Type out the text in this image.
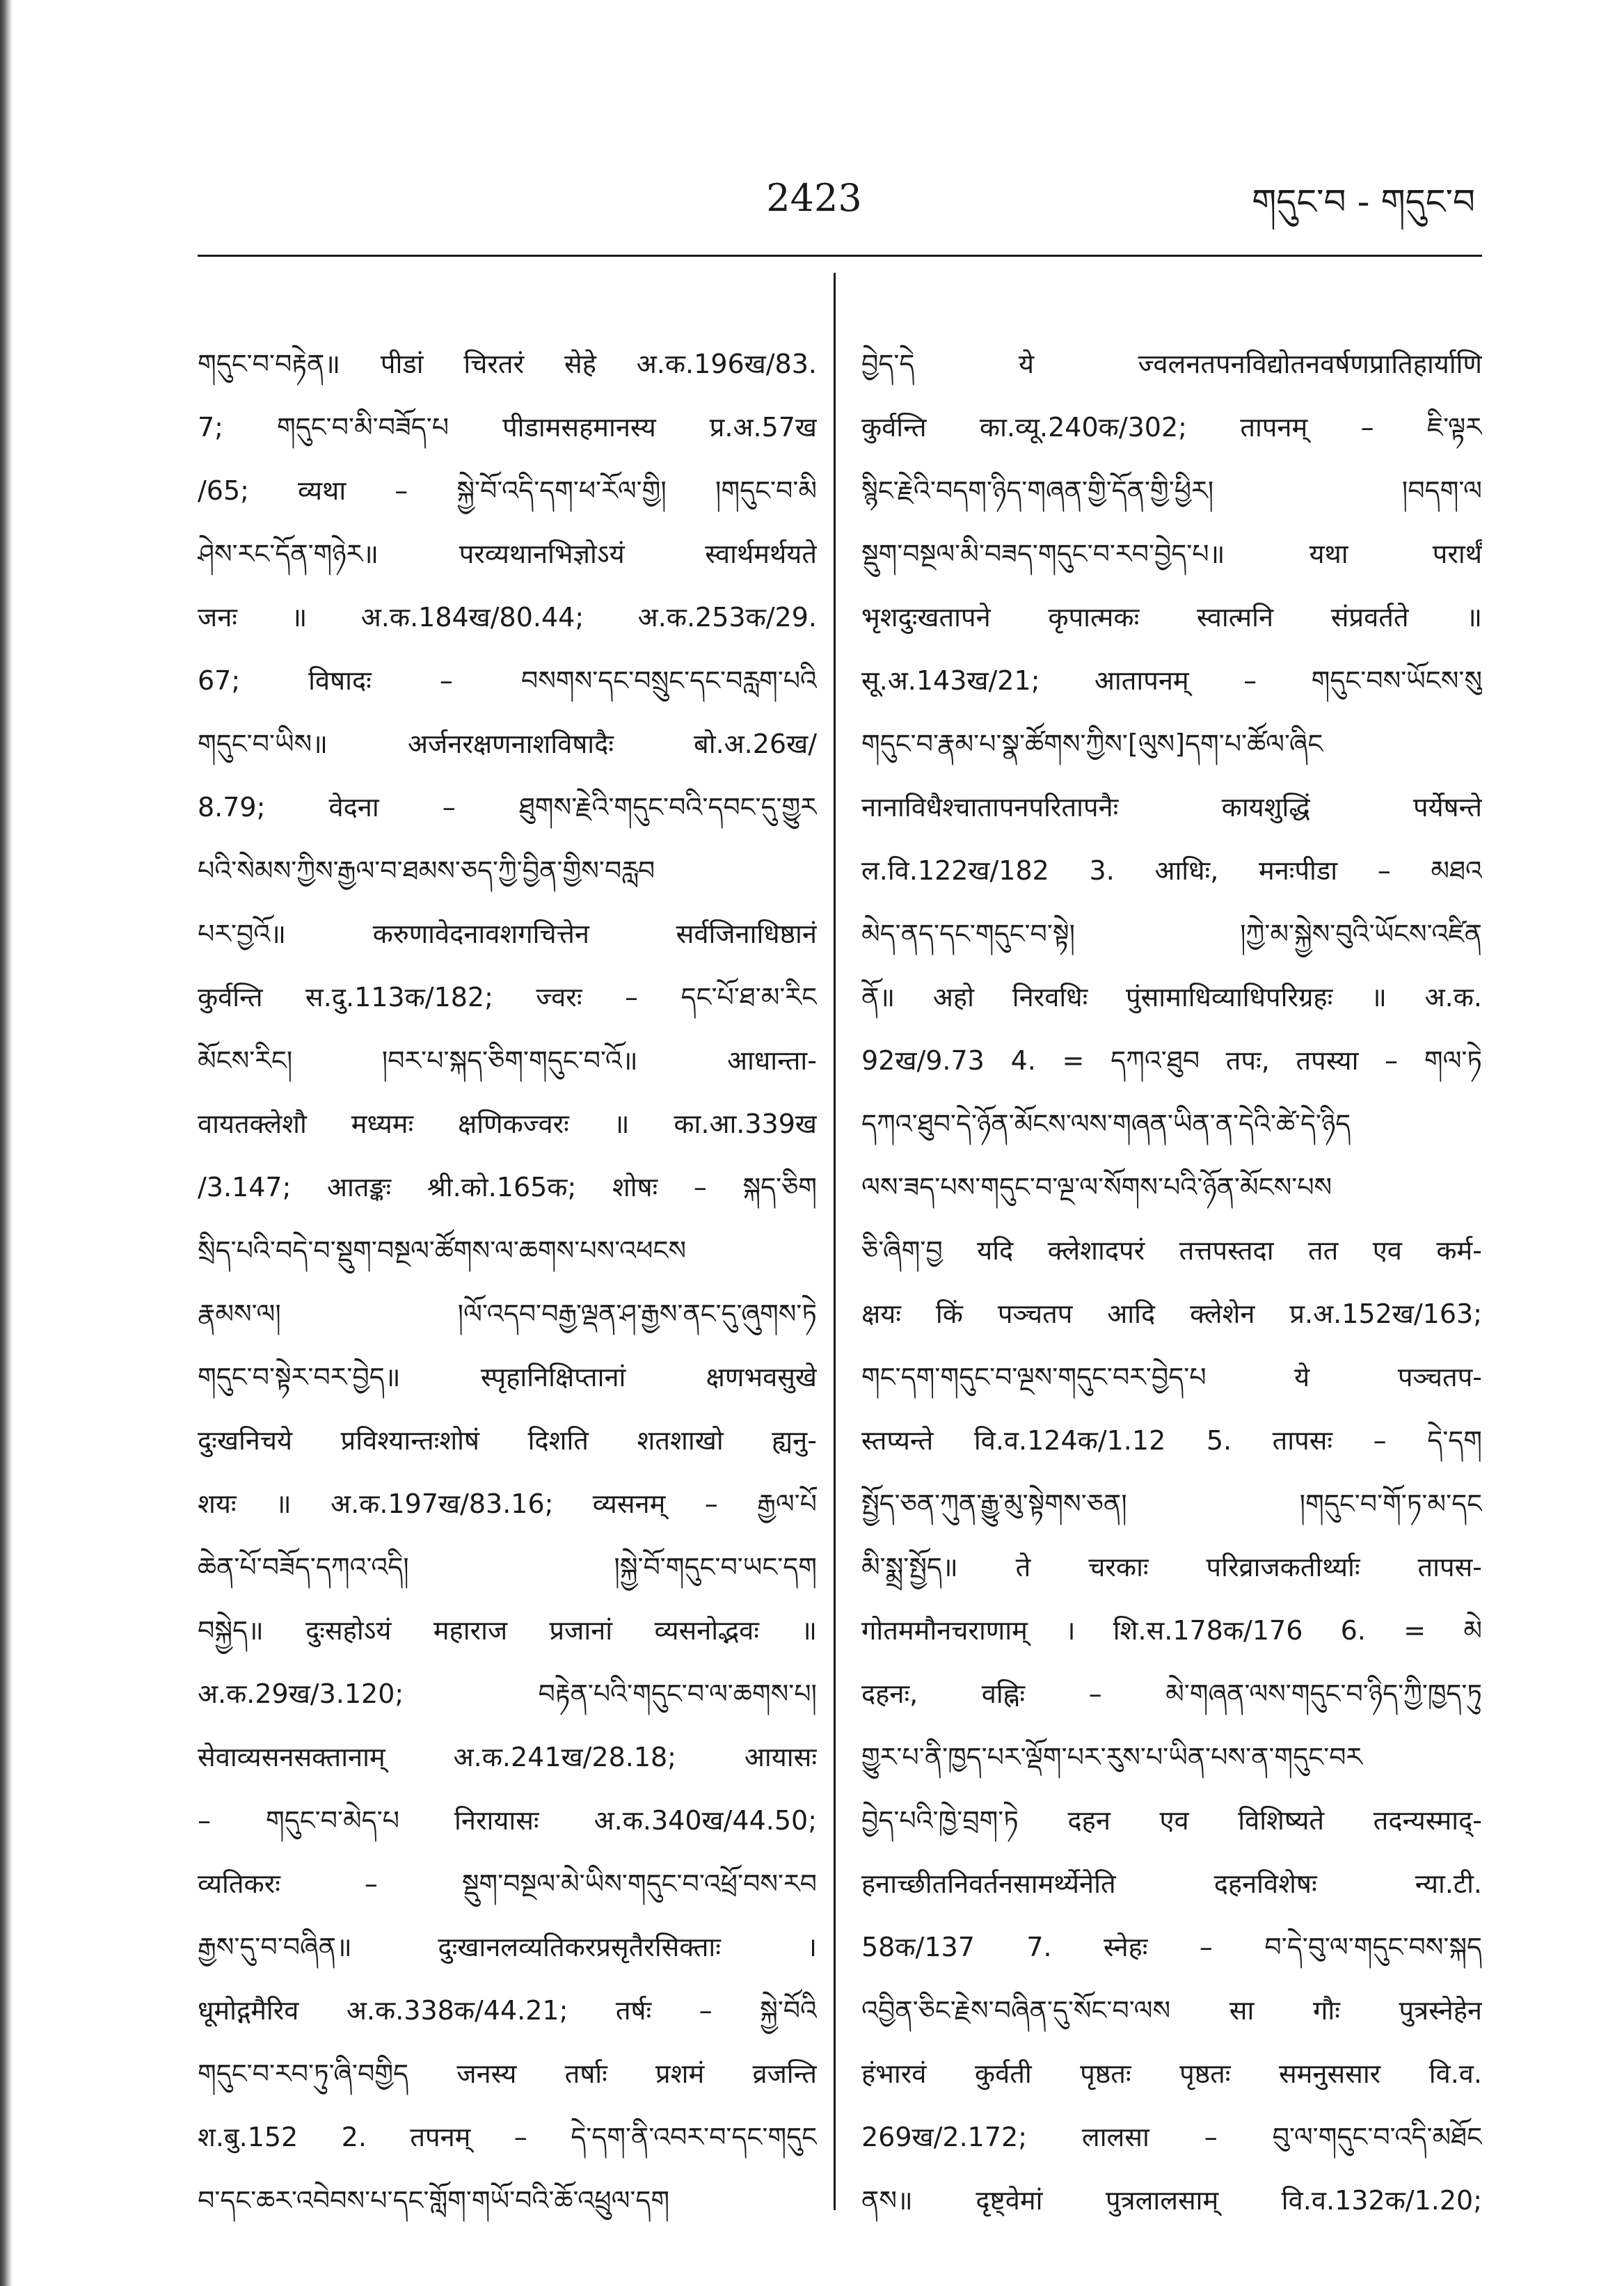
2423	གདུང་བ - གདུང་བ
གདུང་བ་བརྟེན॥ पीडां चिरतरं सेहे अ.क.196ख/83.
7; གདུང་བ་མི་བཟོད་པ पीडामसहमानस्य प्र.अ.57ख
/65; व्यथा – སྐྱེ་བོ་འདི་དག་ཕ་རོལ་གྱི། །གདུང་བ་མི
ཤེས་རང་དོན་གཉེར॥ परव्यथानभिज्ञोऽयं स्वार्थमर्थयते
जनः ॥ अ.क.184ख/80.44; अ.क.253क/29.
67; विषादः – བསགས་དང་བསྲུང་དང་བརླག་པའི
གདུང་བ་ཡིས॥ अर्जनरक्षणनाशविषादैः बो.अ.26ख/
8.79; वेदना – ཐུགས་རྗེའི་གདུང་བའི་དབང་དུ་གྱུར
པའི་སེམས་ཀྱིས་རྒྱལ་བ་ཐམས་ཅད་ཀྱི་བྱིན་གྱིས་བརླབ
པར་བྱའོ॥ करुणावेदनावशगचित्तेन सर्वजिनाधिष्ठानं
कुर्वन्ति स.दु.113क/182; ज्वरः – དང་པོ་ཐ་མ་རིང
མོངས་རིང། །བར་པ་སྐད་ཅིག་གདུང་བ་འོ॥ आधान्ता-
वायतक्लेशौ मध्यमः क्षणिकज्वरः ॥ का.आ.339ख
/3.147; आतङ्कः श्री.को.165क; शोषः – སྐད་ཅིག
སྲིད་པའི་བདེ་བ་སྡུག་བསྔལ་ཚོགས་ལ་ཆགས་པས་འཕངས
རྣམས་ལ། །ལོ་འདབ་བརྒྱ་ལྡན་ཤ་རྒྱས་ནང་དུ་ཞུགས་ཏེ
གདུང་བ་སྟེར་བར་བྱེད॥ स्पृहानिक्षिप्तानां क्षणभवसुखे
दुःखनिचये प्रविश्यान्तःशोषं दिशति शतशाखो ह्यनु-
शयः ॥ अ.क.197ख/83.16; व्यसनम् – རྒྱལ་པོ
ཆེན་པོ་བཟོད་དཀའ་འདི། །སྐྱེ་བོ་གདུང་བ་ཡང་དག
བསྐྱེད॥ दुःसहोऽयं महाराज प्रजानां व्यसनोद्भवः ॥
अ.क.29ख/3.120; བརྟེན་པའི་གདུང་བ་ལ་ཆགས་པ།
सेवाव्यसनसक्तानाम् अ.क.241ख/28.18; आयासः
– གདུང་བ་མེད་པ निरायासः अ.क.340ख/44.50;
व्यतिकरः – སྡུག་བསྔལ་མེ་ཡིས་གདུང་བ་འཕྲོ་བས་རབ
རྒྱས་དུ་བ་བཞིན॥ दुःखानलव्यतिकरप्रसृतैरसिक्ताः ।
धूमोद्गमैरिव अ.क.338क/44.21; तर्षः – སྐྱེ་བོའི
གདུང་བ་རབ་ཏུ་ཞི་བགྱིད जनस्य तर्षाः प्रशमं व्रजन्ति
श.बु.152 2. तपनम् – དེ་དག་ནི་འབར་བ་དང་གདུང
བ་དང་ཆར་འབེབས་པ་དང་གློག་གཡོ་བའི་ཆོ་འཕྲུལ་དག
བྱེད་དེ ये ज्वलनतपनविद्योतनवर्षणप्रातिहार्याणि
कुर्वन्ति का.व्यू.240क/302; तापनम् – ཇི་ལྟར
སྙིང་རྗེའི་བདག་ཉིད་གཞན་གྱི་དོན་གྱི་ཕྱིར། །བདག་ལ
སྡུག་བསྔལ་མི་བཟད་གདུང་བ་རབ་བྱེད་པ॥ यथा परार्थं
भृशदुःखतापने कृपात्मकः स्वात्मनि संप्रवर्तते ॥
सू.अ.143ख/21; आतापनम् – གདུང་བས་ཡོངས་སུ
གདུང་བ་རྣམ་པ་སྣ་ཚོགས་ཀྱིས་[ལུས]དག་པ་ཚོལ་ཞིང
नानाविधैश्चातापनपरितापनैः कायशुद्धिं पर्येषन्ते
ल.वि.122ख/182 3. आधिः, मनःपीडा – མཐའ
མེད་ནད་དང་གདུང་བ་སྟེ། །ཀྱེ་མ་སྐྱེས་བུའི་ཡོངས་འཛིན
ནོ॥ अहो निरवधिः पुंसामाधिव्याधिपरिग्रहः ॥ अ.क.
92ख/9.73 4. = དཀའ་ཐུབ तपः, तपस्या – གལ་ཏེ
དཀའ་ཐུབ་དེ་ཉོན་མོངས་ལས་གཞན་ཡིན་ན་དེའི་ཚེ་དེ་ཉིད
ལས་ཟད་པས་གདུང་བ་ལྔ་ལ་སོགས་པའི་ཉོན་མོངས་པས
ཅི་ཞིག་བྱ यदि क्लेशादपरं तत्तपस्तदा तत एव कर्म-
क्षयः किं पञ्चतप आदि क्लेशेन प्र.अ.152ख/163;
གང་དག་གདུང་བ་ལྔས་གདུང་བར་བྱེད་པ ये पञ्चतप-
स्तप्यन्ते वि.व.124क/1.12 5. तापसः – དེ་དག
སྤྱོད་ཅན་ཀུན་རྒྱུ་མུ་སྟེགས་ཅན། །གདུང་བ་གོ་ཏ་མ་དང
མི་སྨྲ་སྤྱོད॥ ते चरकाः परिव्राजकतीर्थ्याः तापस-
गोतममौनचराणाम् । शि.स.178क/176 6. = མེ
दहनः, वह्निः – མེ་གཞན་ལས་གདུང་བ་ཉིད་ཀྱི་ཁྱད་ཏུ
གྱུར་པ་ནི་ཁྱད་པར་ལྡོག་པར་རུས་པ་ཡིན་པས་ན་གདུང་བར
བྱེད་པའི་ཁྱེ་བྲག་ཏེ दहन एव विशिष्यते तदन्यस्माद्-
हनाच्छीतनिवर्तनसामर्थ्येनेति दहनविशेषः न्या.टी.
58क/137 7. स्नेहः – བ་དེ་བུ་ལ་གདུང་བས་སྐད
འབྱིན་ཅིང་རྗེས་བཞིན་དུ་སོང་བ་ལས सा गौः पुत्रस्नेहेन
हंभारवं कुर्वती पृष्ठतः पृष्ठतः समनुससार वि.व.
269ख/2.172; लालसा – བུ་ལ་གདུང་བ་འདི་མཐོང
ནས॥ दृष्ट्वेमां पुत्रलालसाम् वि.व.132क/1.20;
